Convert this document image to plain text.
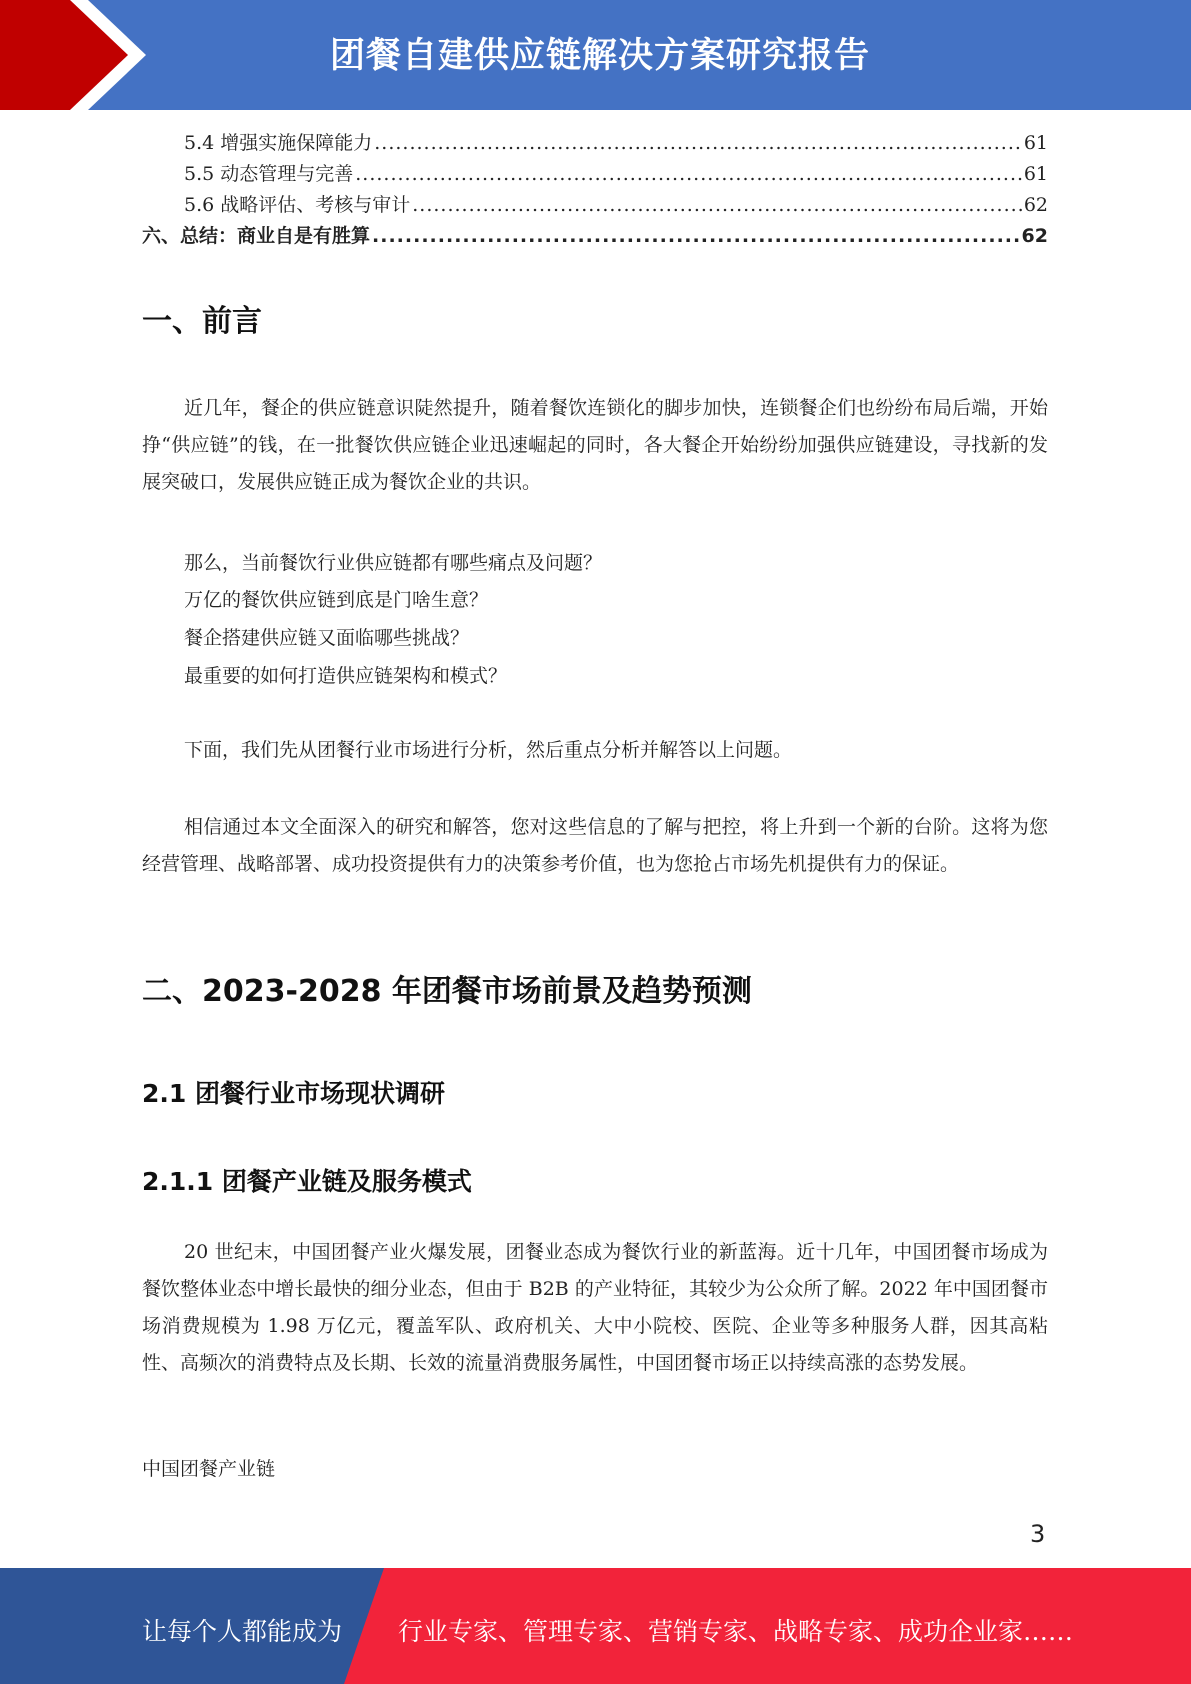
团餐自建供应链解决方案研究报告
5.4 增强实施保障能力 .....	61
5.5 动态管理与完善 .....	61
5.6 战略评估、考核与审计 .....	62
六、总结：商业自是有胜算 .....	62
一、前言

近几年，餐企的供应链意识陡然提升，随着餐饮连锁化的脚步加快，连锁餐企们也纷纷布局后端，开始挣“供应链”的钱，在一批餐饮供应链企业迅速崛起的同时，各大餐企开始纷纷加强供应链建设，寻找新的发展突破口，发展供应链正成为餐饮企业的共识。

那么，当前餐饮行业供应链都有哪些痛点及问题？
万亿的餐饮供应链到底是门啥生意？
餐企搭建供应链又面临哪些挑战？
最重要的如何打造供应链架构和模式？

下面，我们先从团餐行业市场进行分析，然后重点分析并解答以上问题。

相信通过本文全面深入的研究和解答，您对这些信息的了解与把控，将上升到一个新的台阶。这将为您经营管理、战略部署、成功投资提供有力的决策参考价值，也为您抢占市场先机提供有力的保证。

二、2023-2028 年团餐市场前景及趋势预测
2.1 团餐行业市场现状调研
2.1.1 团餐产业链及服务模式

20 世纪末，中国团餐产业火爆发展，团餐业态成为餐饮行业的新蓝海。近十几年，中国团餐市场成为餐饮整体业态中增长最快的细分业态，但由于 B2B 的产业特征，其较少为公众所了解。2022 年中国团餐市场消费规模为 1.98 万亿元，覆盖军队、政府机关、大中小院校、医院、企业等多种服务人群，因其高粘性、高频次的消费特点及长期、长效的流量消费服务属性，中国团餐市场正以持续高涨的态势发展。

中国团餐产业链
3
让每个人都能成为 行业专家、管理专家、营销专家、战略专家、成功企业家……
